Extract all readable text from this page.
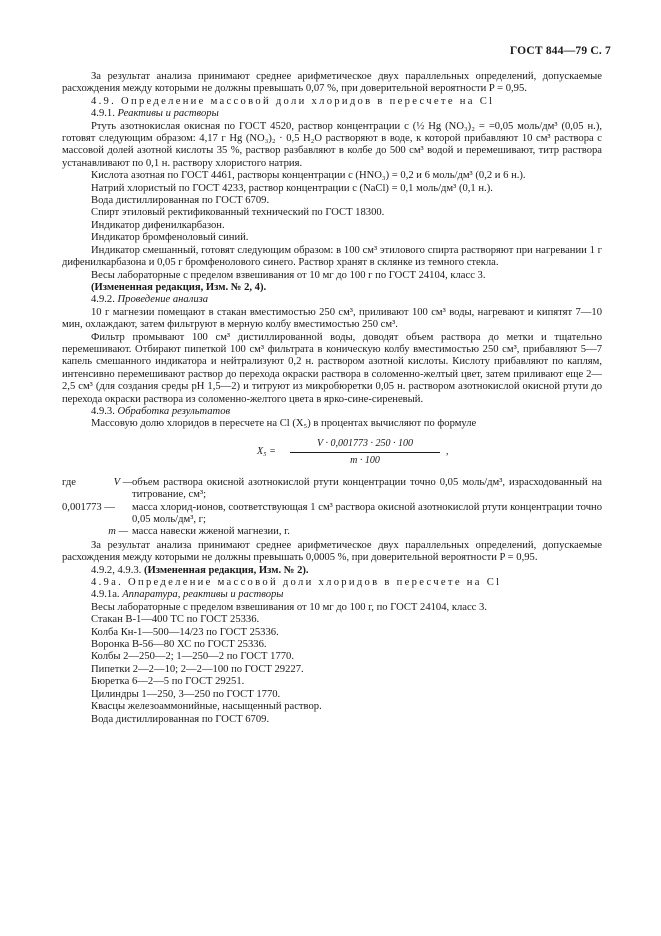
ГОСТ 844—79 С. 7

За результат анализа принимают среднее арифметическое двух параллельных определений, допускаемые расхождения между которыми не должны превышать 0,07 %, при доверительной вероятности P = 0,95.

4.9. Определение массовой доли хлоридов в пересчете на Cl

4.9.1. Реактивы и растворы

Ртуть азотнокислая окисная по ГОСТ 4520, раствор концентрации c (½ Hg (NO₃)₂ = =0,05 моль/дм³ (0,05 н.), готовят следующим образом: 4,17 г Hg (NO₃)₂ · 0,5 H₂O растворяют в воде, к которой прибавляют 10 см³ раствора с массовой долей азотной кислоты 35 %, раствор разбавляют в колбе до 500 см³ водой и перемешивают, титр раствора устанавливают по 0,1 н. раствору хлористого натрия.

Кислота азотная по ГОСТ 4461, растворы концентрации c (HNO₃) = 0,2 и 6 моль/дм³ (0,2 и 6 н.).

Натрий хлористый по ГОСТ 4233, раствор концентрации c (NaCl) = 0,1 моль/дм³ (0,1 н.).

Вода дистиллированная по ГОСТ 6709.

Спирт этиловый ректификованный технический по ГОСТ 18300.

Индикатор дифенилкарбазон.

Индикатор бромфеноловый синий.

Индикатор смешанный, готовят следующим образом: в 100 см³ этилового спирта растворяют при нагревании 1 г дифенилкарбазона и 0,05 г бромфенолового синего. Раствор хранят в склянке из темного стекла.

Весы лабораторные с пределом взвешивания от 10 мг до 100 г по ГОСТ 24104, класс 3.

(Измененная редакция, Изм. № 2, 4).

4.9.2. Проведение анализа

10 г магнезии помещают в стакан вместимостью 250 см³, приливают 100 см³ воды, нагревают и кипятят 7—10 мин, охлаждают, затем фильтруют в мерную колбу вместимостью 250 см³.

Фильтр промывают 100 см³ дистиллированной воды, доводят объем раствора до метки и тщательно перемешивают. Отбирают пипеткой 100 см³ фильтрата в коническую колбу вместимостью 250 см³, прибавляют 5—7 капель смешанного индикатора и нейтрализуют 0,2 н. раствором азотной кислоты. Кислоту прибавляют по каплям, интенсивно перемешивают раствор до перехода окраски раствора в соломенно-желтый цвет, затем приливают еще 2—2,5 см³ (для создания среды pH 1,5—2) и титруют из микробюретки 0,05 н. раствором азотнокислой окисной ртути до перехода окраски раствора из соломенно-желтого цвета в ярко-сине-сиреневый.

4.9.3. Обработка результатов

Массовую долю хлоридов в пересчете на Cl (X₅) в процентах вычисляют по формуле

$X_5 = \frac{V \cdot 0,001773 \cdot 250 \cdot 100}{m \cdot 100}$ ,
где	V — объем раствора окисной азотнокислой ртути концентрации точно 0,05 моль/дм³, израсходованный на титрование, см³;
0,001773 —	масса хлорид-ионов, соответствующая 1 см³ раствора окисной азотнокислой ртути концентрации точно 0,05 моль/дм³, г;
m — масса навески жженой магнезии, г.

За результат анализа принимают среднее арифметическое двух параллельных определений, допускаемые расхождения между которыми не должны превышать 0,0005 %, при доверительной вероятности P = 0,95.

4.9.2, 4.9.3. (Измененная редакция, Изм. № 2).

4.9а. Определение массовой доли хлоридов в пересчете на Cl

4.9.1а. Аппаратура, реактивы и растворы

Весы лабораторные с пределом взвешивания от 10 мг до 100 г, по ГОСТ 24104, класс 3.

Стакан В-1—400 ТС по ГОСТ 25336.

Колба Кн-1—500—14/23 по ГОСТ 25336.

Воронка В-56—80 ХС по ГОСТ 25336.

Колбы 2—250—2; 1—250—2 по ГОСТ 1770.

Пипетки 2—2—10; 2—2—100 по ГОСТ 29227.

Бюретка 6—2—5 по ГОСТ 29251.

Цилиндры 1—250, 3—250 по ГОСТ 1770.

Квасцы железоаммонийные, насыщенный раствор.

Вода дистиллированная по ГОСТ 6709.
